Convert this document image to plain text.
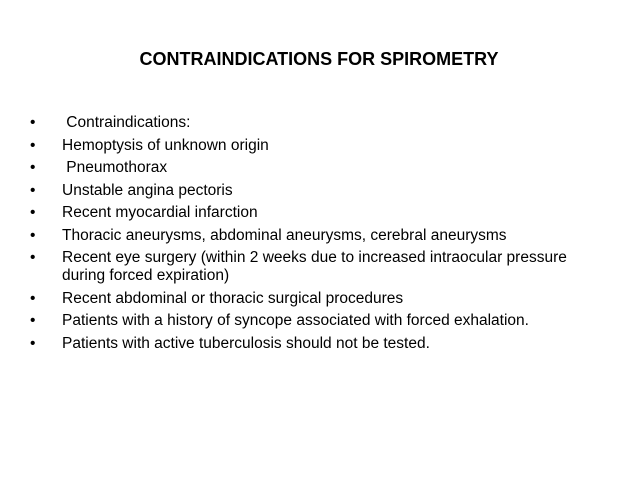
CONTRAINDICATIONS FOR SPIROMETRY
•	Contraindications:
•	Hemoptysis of unknown origin
•	Pneumothorax
•	Unstable angina pectoris
•	Recent myocardial infarction
•	Thoracic aneurysms, abdominal aneurysms, cerebral aneurysms
•	Recent eye surgery (within 2 weeks due to increased intraocular pressure during forced expiration)
•	Recent abdominal or thoracic surgical procedures
•	Patients with a history of syncope associated with forced exhalation.
•	Patients with active tuberculosis should not be tested.
